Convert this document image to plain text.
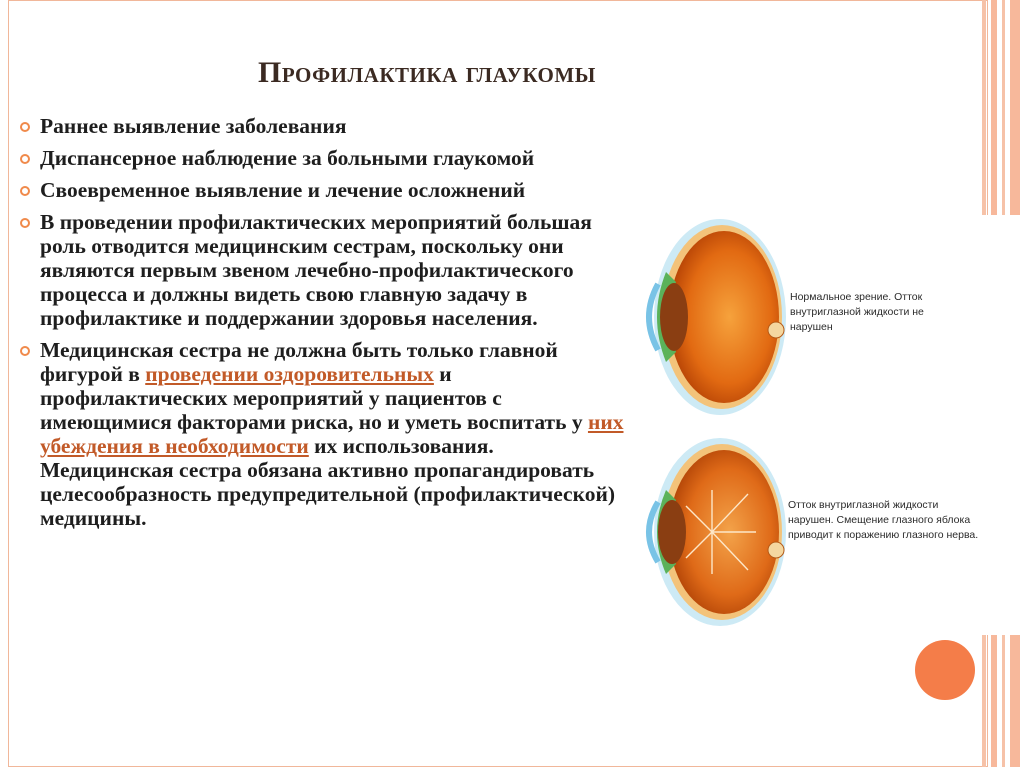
Профилактика глаукомы
Раннее выявление заболевания
Диспансерное наблюдение за больными глаукомой
Своевременное выявление и лечение осложнений
В проведении профилактических мероприятий большая роль отводится медицинским сестрам, поскольку они являются первым звеном лечебно-профилактического процесса и должны видеть свою главную задачу в профилактике и поддержании здоровья населения.
Медицинская сестра не должна быть только главной фигурой в проведении оздоровительных и профилактических мероприятий у пациентов с имеющимися факторами риска, но и уметь воспитать у них убеждения в необходимости их использования. Медицинская сестра обязана активно пропагандировать целесообразность предупредительной (профилактической) медицины.
Нормальное зрение. Отток внутриглазной жидкости не нарушен
Отток внутриглазной жидкости нарушен. Смещение глазного яблока приводит к поражению глазного нерва.
